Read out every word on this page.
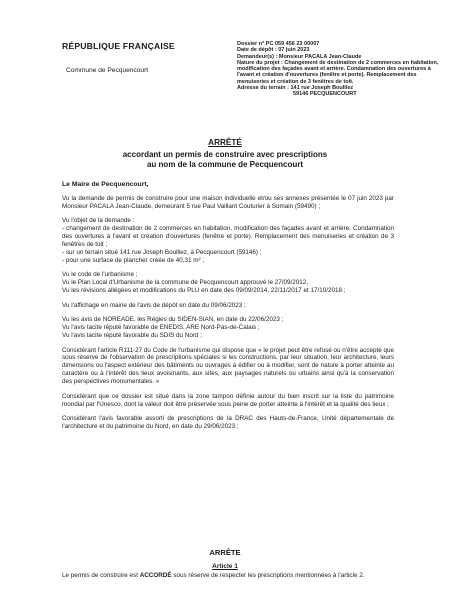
RÉPUBLIQUE FRANÇAISE
Commune de Pecquencourt
Dossier n° PC 059 456 23 00007
Date de dépôt : 07 juin 2023
Demandeur(s) : Monsieur PACALA Jean-Claude
Nature du projet : Changement de destination de 2 commerces en habitation, modification des façades avant et arrière. Condamnation des ouvertures à l'avant et création d'ouvertures (fenêtre et porte). Remplacement des menuiseries et création de 3 fenêtres de toit.
Adresse du terrain : 141 rue Joseph Boulliez
59146 PECQUENCOURT
ARRÊTÉ
accordant un permis de construire avec prescriptions
au nom de la commune de Pecquencourt
Le Maire de Pecquencourt,

Vu la demande de permis de construire pour une maison individuelle et/ou ses annexes présentée le 07 juin 2023 par Monsieur PACALA Jean-Claude, demeurant 5 rue Paul Vaillant Couturier à Somain (59490) ;

Vu l'objet de la demande :
- changement de destination de 2 commerces en habitation, modification des façades avant et arrière. Condamnation des ouvertures à l'avant et création d'ouvertures (fenêtre et porte). Remplacement des menuiseries et création de 3 fenêtres de toit ;
- sur un terrain situé 141 rue Joseph Boulliez, à Pecquencourt (59146) ;
- pour une surface de plancher créée de 40,31 m² ;

Vu le code de l'urbanisme ;
Vu le Plan Local d'Urbanisme de la commune de Pecquencourt approuvé le 27/09/2012,
Vu les révisions allégées et modifications du PLU en date des 09/09/2014, 22/11/2017 et 17/10/2018 ;

Vu l'affichage en mairie de l'avis de dépôt en date du 09/06/2023 ;

Vu les avis de NOREADE, les Régies du SIDEN-SIAN, en date du 22/06/2023 ;
Vu l'avis tacite réputé favorable de ENEDIS, ARE Nord-Pas-de-Calais ;
Vu l'avis tacite réputé favorable du SDIS du Nord ;

Considérant l'article R111-27 du Code de l'urbanisme qui dispose que « le projet peut être refusé ou n'être accepté que sous réserve de l'observation de prescriptions spéciales si les constructions, par leur situation, leur architecture, leurs dimensions ou l'aspect extérieur des bâtiments ou ouvrages à édifier ou à modifier, sont de nature à porter atteinte au caractère ou à l'intérêt des lieux avoisinants, aux sites, aux paysages naturels ou urbains ainsi qu'à la conservation des perspectives monumentales. »

Considérant que ce dossier est situé dans la zone tampon définie autour du bien inscrit sur la liste du patrimoine mondial par l'Unesco, dont la valeur doit être préservée sous peine de porter atteinte à l'intérêt et la qualité des lieux ;

Considérant l'avis favorable assorti de prescriptions de la DRAC des Hauts-de-France, Unité départementale de l'architecture et du patrimoine du Nord, en date du 29/06/2023 ;

ARRÊTE
Article 1
Le permis de construire est ACCORDÉ sous réserve de respecter les prescriptions mentionnées à l'article 2.
